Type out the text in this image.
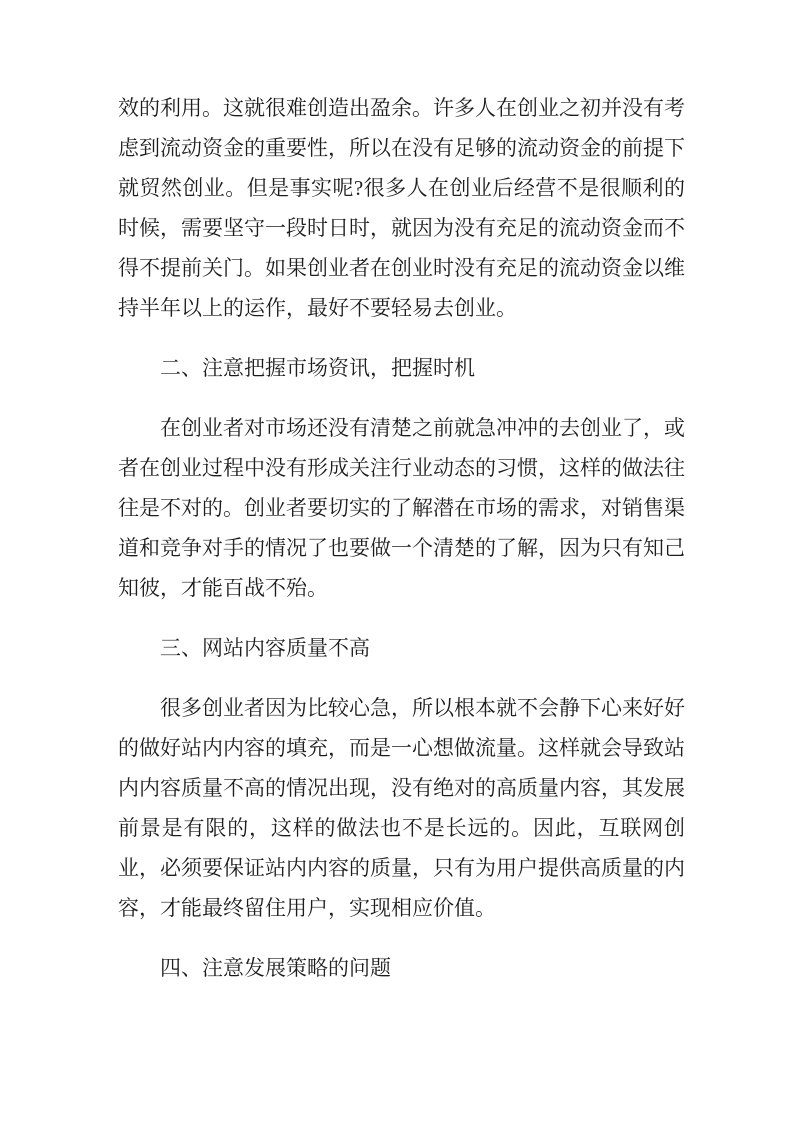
效的利用。这就很难创造出盈余。许多人在创业之初并没有考虑到流动资金的重要性，所以在没有足够的流动资金的前提下就贸然创业。但是事实呢?很多人在创业后经营不是很顺利的时候，需要坚守一段时日时，就因为没有充足的流动资金而不得不提前关门。如果创业者在创业时没有充足的流动资金以维持半年以上的运作，最好不要轻易去创业。

二、注意把握市场资讯，把握时机

在创业者对市场还没有清楚之前就急冲冲的去创业了，或者在创业过程中没有形成关注行业动态的习惯，这样的做法往往是不对的。创业者要切实的了解潜在市场的需求，对销售渠道和竞争对手的情况了也要做一个清楚的了解，因为只有知己知彼，才能百战不殆。

三、网站内容质量不高

很多创业者因为比较心急，所以根本就不会静下心来好好的做好站内内容的填充，而是一心想做流量。这样就会导致站内内容质量不高的情况出现，没有绝对的高质量内容，其发展前景是有限的，这样的做法也不是长远的。因此，互联网创业，必须要保证站内内容的质量，只有为用户提供高质量的内容，才能最终留住用户，实现相应价值。

四、注意发展策略的问题
